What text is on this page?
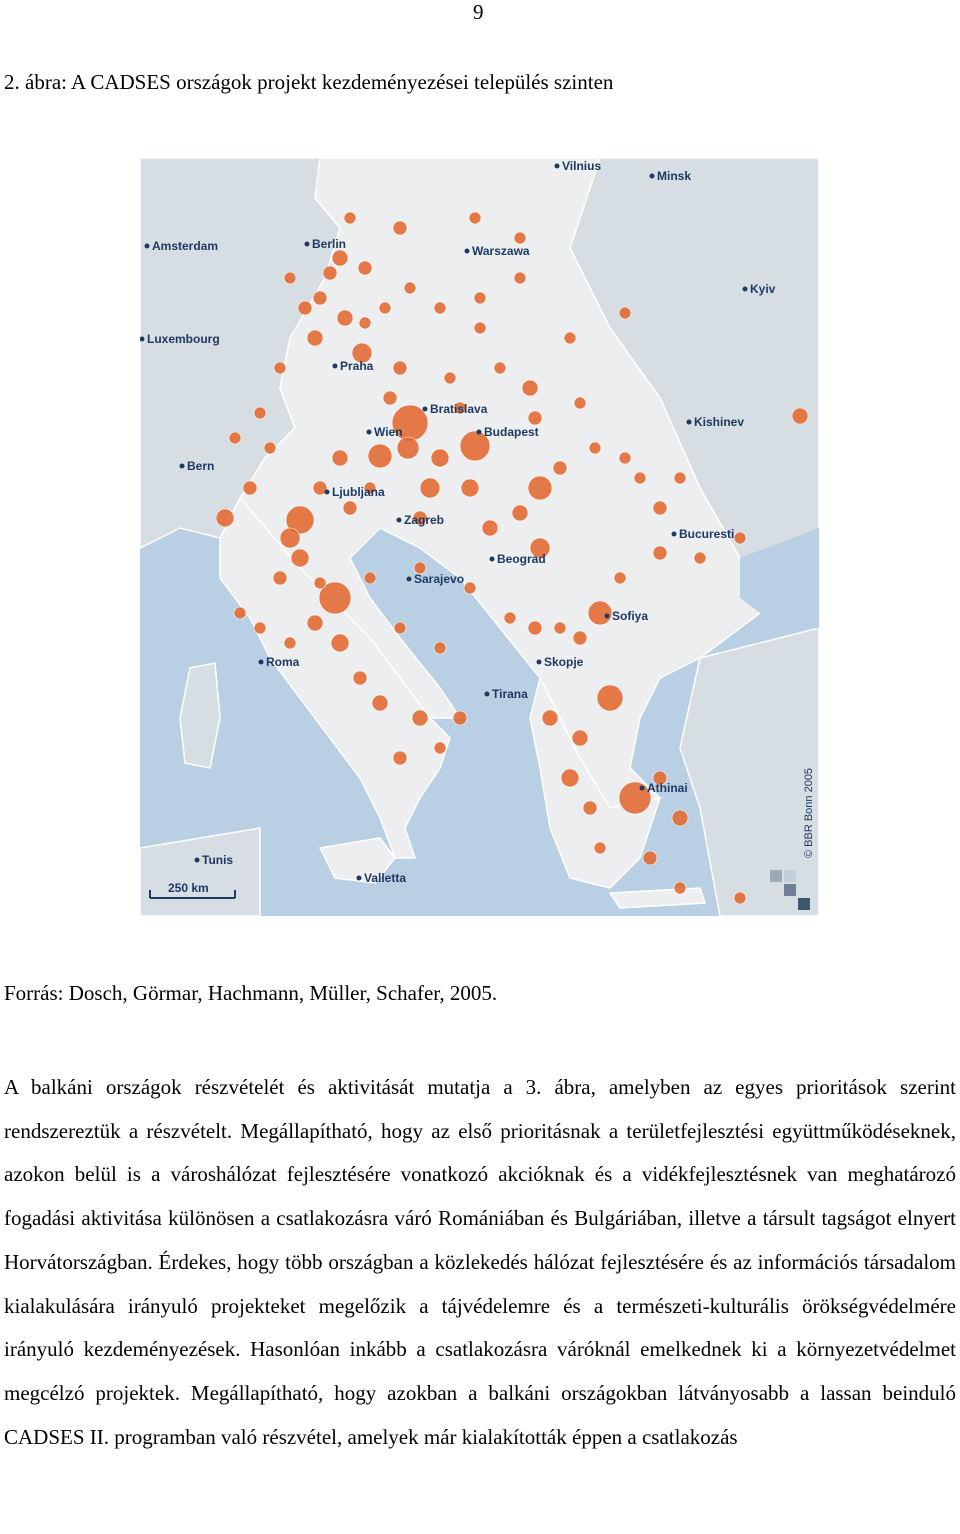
9
2. ábra: A CADSES országok projekt kezdeményezései település szinten
Vilnius
Minsk
Amsterdam	Berlin	Warszawa
Kyiv
Luxembourg
Praha
Bratislava
Wien	Budapest
Kishinev
Bern
Ljubljana
Zagreb
Bucuresti
Beograd
Sarajevo
Sofiya
Roma	Skopje
Tirana
Athinai
Tunis
Valletta
250 km
© BBR Bonn 2005
Forrás: Dosch, Görmar, Hachmann, Müller, Schafer, 2005.

A balkáni országok részvételét és aktivitását mutatja a 3. ábra, amelyben az egyes prioritások szerint rendszereztük a részvételt. Megállapítható, hogy az első prioritásnak a területfejlesztési együttműködéseknek, azokon belül is a városhálózat fejlesztésére vonatkozó akcióknak és a vidékfejlesztésnek van meghatározó fogadási aktivitása különösen a csatlakozásra váró Romániában és Bulgáriában, illetve a társult tagságot elnyert Horvátországban. Érdekes, hogy több országban a közlekedés hálózat fejlesztésére és az információs társadalom kialakulására irányuló projekteket megelőzik a tájvédelemre és a természeti-kulturális örökségvédelmére irányuló kezdeményezések. Hasonlóan inkább a csatlakozásra váróknál emelkednek ki a környezetvédelmet megcélzó projektek. Megállapítható, hogy azokban a balkáni országokban látványosabb a lassan beinduló CADSES II. programban való részvétel, amelyek már kialakították éppen a csatlakozás
